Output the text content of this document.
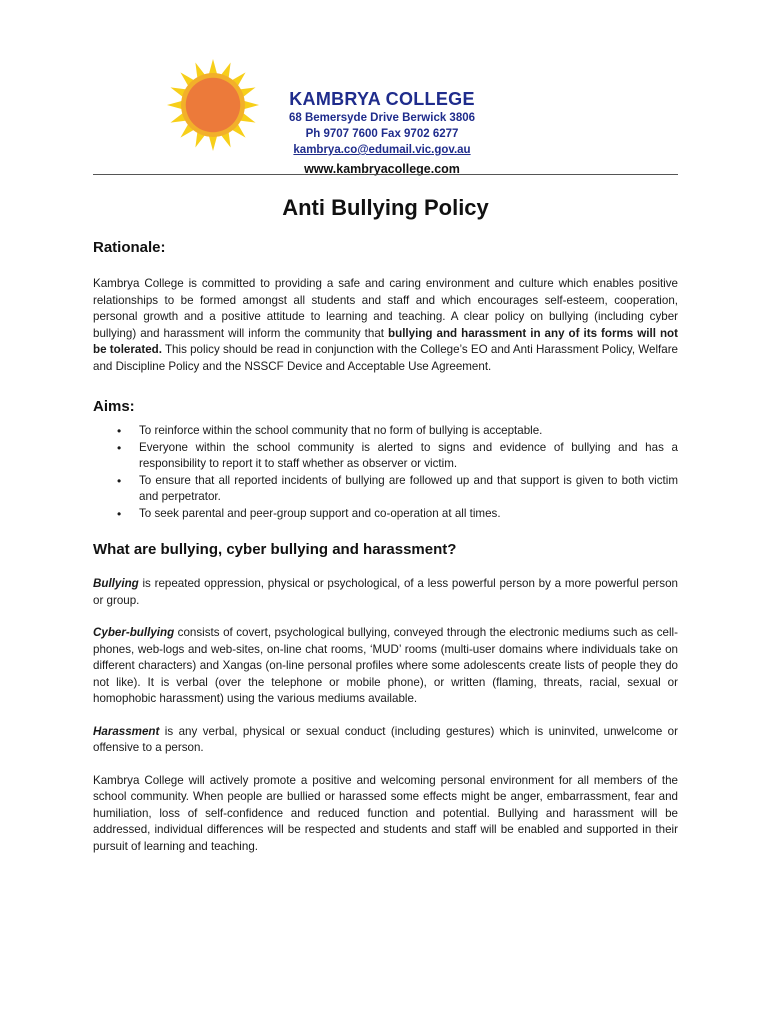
KAMBRYA COLLEGE
68 Bemersyde Drive Berwick 3806
Ph 9707 7600 Fax 9702 6277
kambrya.co@edumail.vic.gov.au
www.kambryacollege.com
Anti Bullying Policy
Rationale:

Kambrya College is committed to providing a safe and caring environment and culture which enables positive relationships to be formed amongst all students and staff and which encourages self-esteem, cooperation, personal growth and a positive attitude to learning and teaching. A clear policy on bullying (including cyber bullying) and harassment will inform the community that bullying and harassment in any of its forms will not be tolerated. This policy should be read in conjunction with the College’s EO and Anti Harassment Policy, Welfare and Discipline Policy and the NSSCF Device and Acceptable Use Agreement.

Aims:
• To reinforce within the school community that no form of bullying is acceptable.
• Everyone within the school community is alerted to signs and evidence of bullying and has a responsibility to report it to staff whether as observer or victim.
• To ensure that all reported incidents of bullying are followed up and that support is given to both victim and perpetrator.
• To seek parental and peer-group support and co-operation at all times.
What are bullying, cyber bullying and harassment?

Bullying is repeated oppression, physical or psychological, of a less powerful person by a more powerful person or group.

Cyber-bullying consists of covert, psychological bullying, conveyed through the electronic mediums such as cell-phones, web-logs and web-sites, on-line chat rooms, ‘MUD’ rooms (multi-user domains where individuals take on different characters) and Xangas (on-line personal profiles where some adolescents create lists of people they do not like). It is verbal (over the telephone or mobile phone), or written (flaming, threats, racial, sexual or homophobic harassment) using the various mediums available.

Harassment is any verbal, physical or sexual conduct (including gestures) which is uninvited, unwelcome or offensive to a person.

Kambrya College will actively promote a positive and welcoming personal environment for all members of the school community. When people are bullied or harassed some effects might be anger, embarrassment, fear and humiliation, loss of self-confidence and reduced function and potential. Bullying and harassment will be addressed, individual differences will be respected and students and staff will be enabled and supported in their pursuit of learning and teaching.
